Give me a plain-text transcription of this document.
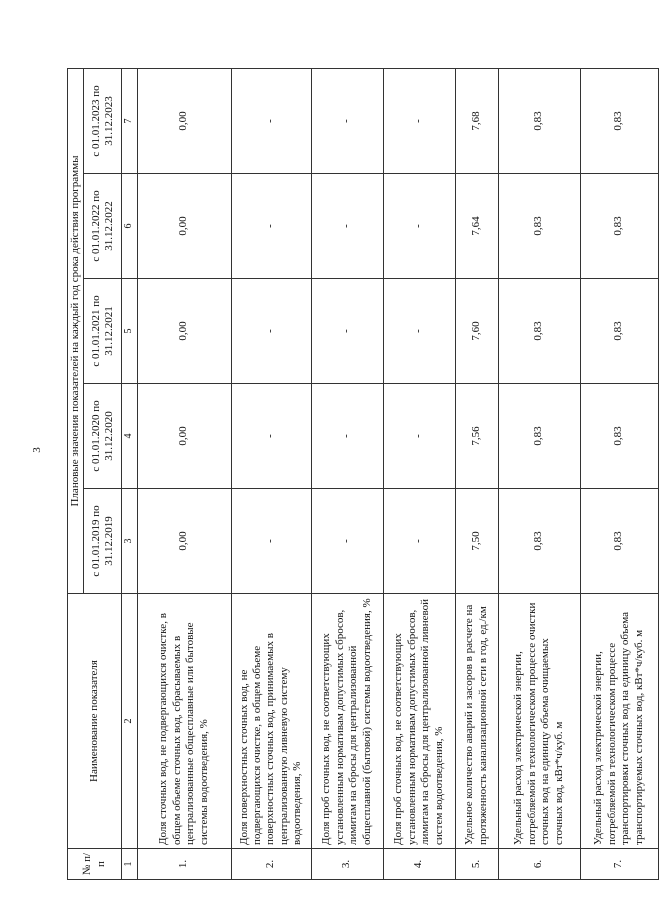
3
№ п/п	Наименование показателя	Плановые значения показателей на каждый год срока действия программы				
		с 01.01.2019 по 31.12.2019	с 01.01.2020 по 31.12.2020	с 01.01.2021 по 31.12.2021	с 01.01.2022 по 31.12.2022	с 01.01.2023 по 31.12.2023
1	2	3	4	5	6	7
1.	Доля сточных вод, не подвергающихся очистке, в общем объеме сточных вод, сбрасываемых в централизованные общесплавные или бытовые системы водоотведения, %	0,00	0,00	0,00	0,00	0,00
2.	Доля поверхностных сточных вод, не подвергающихся очистке, в общем объеме поверхностных сточных вод, принимаемых в централизованную ливневую систему водоотведения, %	-	-	-	-	-
3.	Доля проб сточных вод, не соответствующих установленным нормативам допустимых сбросов, лимитам на сбросы для централизованной общесплавной (бытовой) системы водоотведения, %	-	-	-	-	-
4.	Доля проб сточных вод, не соответствующих установленным нормативам допустимых сбросов, лимитам на сбросы для централизованной ливневой систем водоотведения, %	-	-	-	-	-
5.	Удельное количество аварий и засоров в расчете на протяженность канализационной сети в год, ед./км	7,50	7,56	7,60	7,64	7,68
6.	Удельный расход электрической энергии, потребляемой в технологическом процессе очистки сточных вод на единицу объема очищаемых сточных вод, кВт*ч/куб. м	0,83	0,83	0,83	0,83	0,83
7.	Удельный расход электрической энергии, потребляемой в технологическом процессе транспортировки сточных вод на единицу объема транспортируемых сточных вод, кВт*ч/куб. м	0,83	0,83	0,83	0,83	0,83
